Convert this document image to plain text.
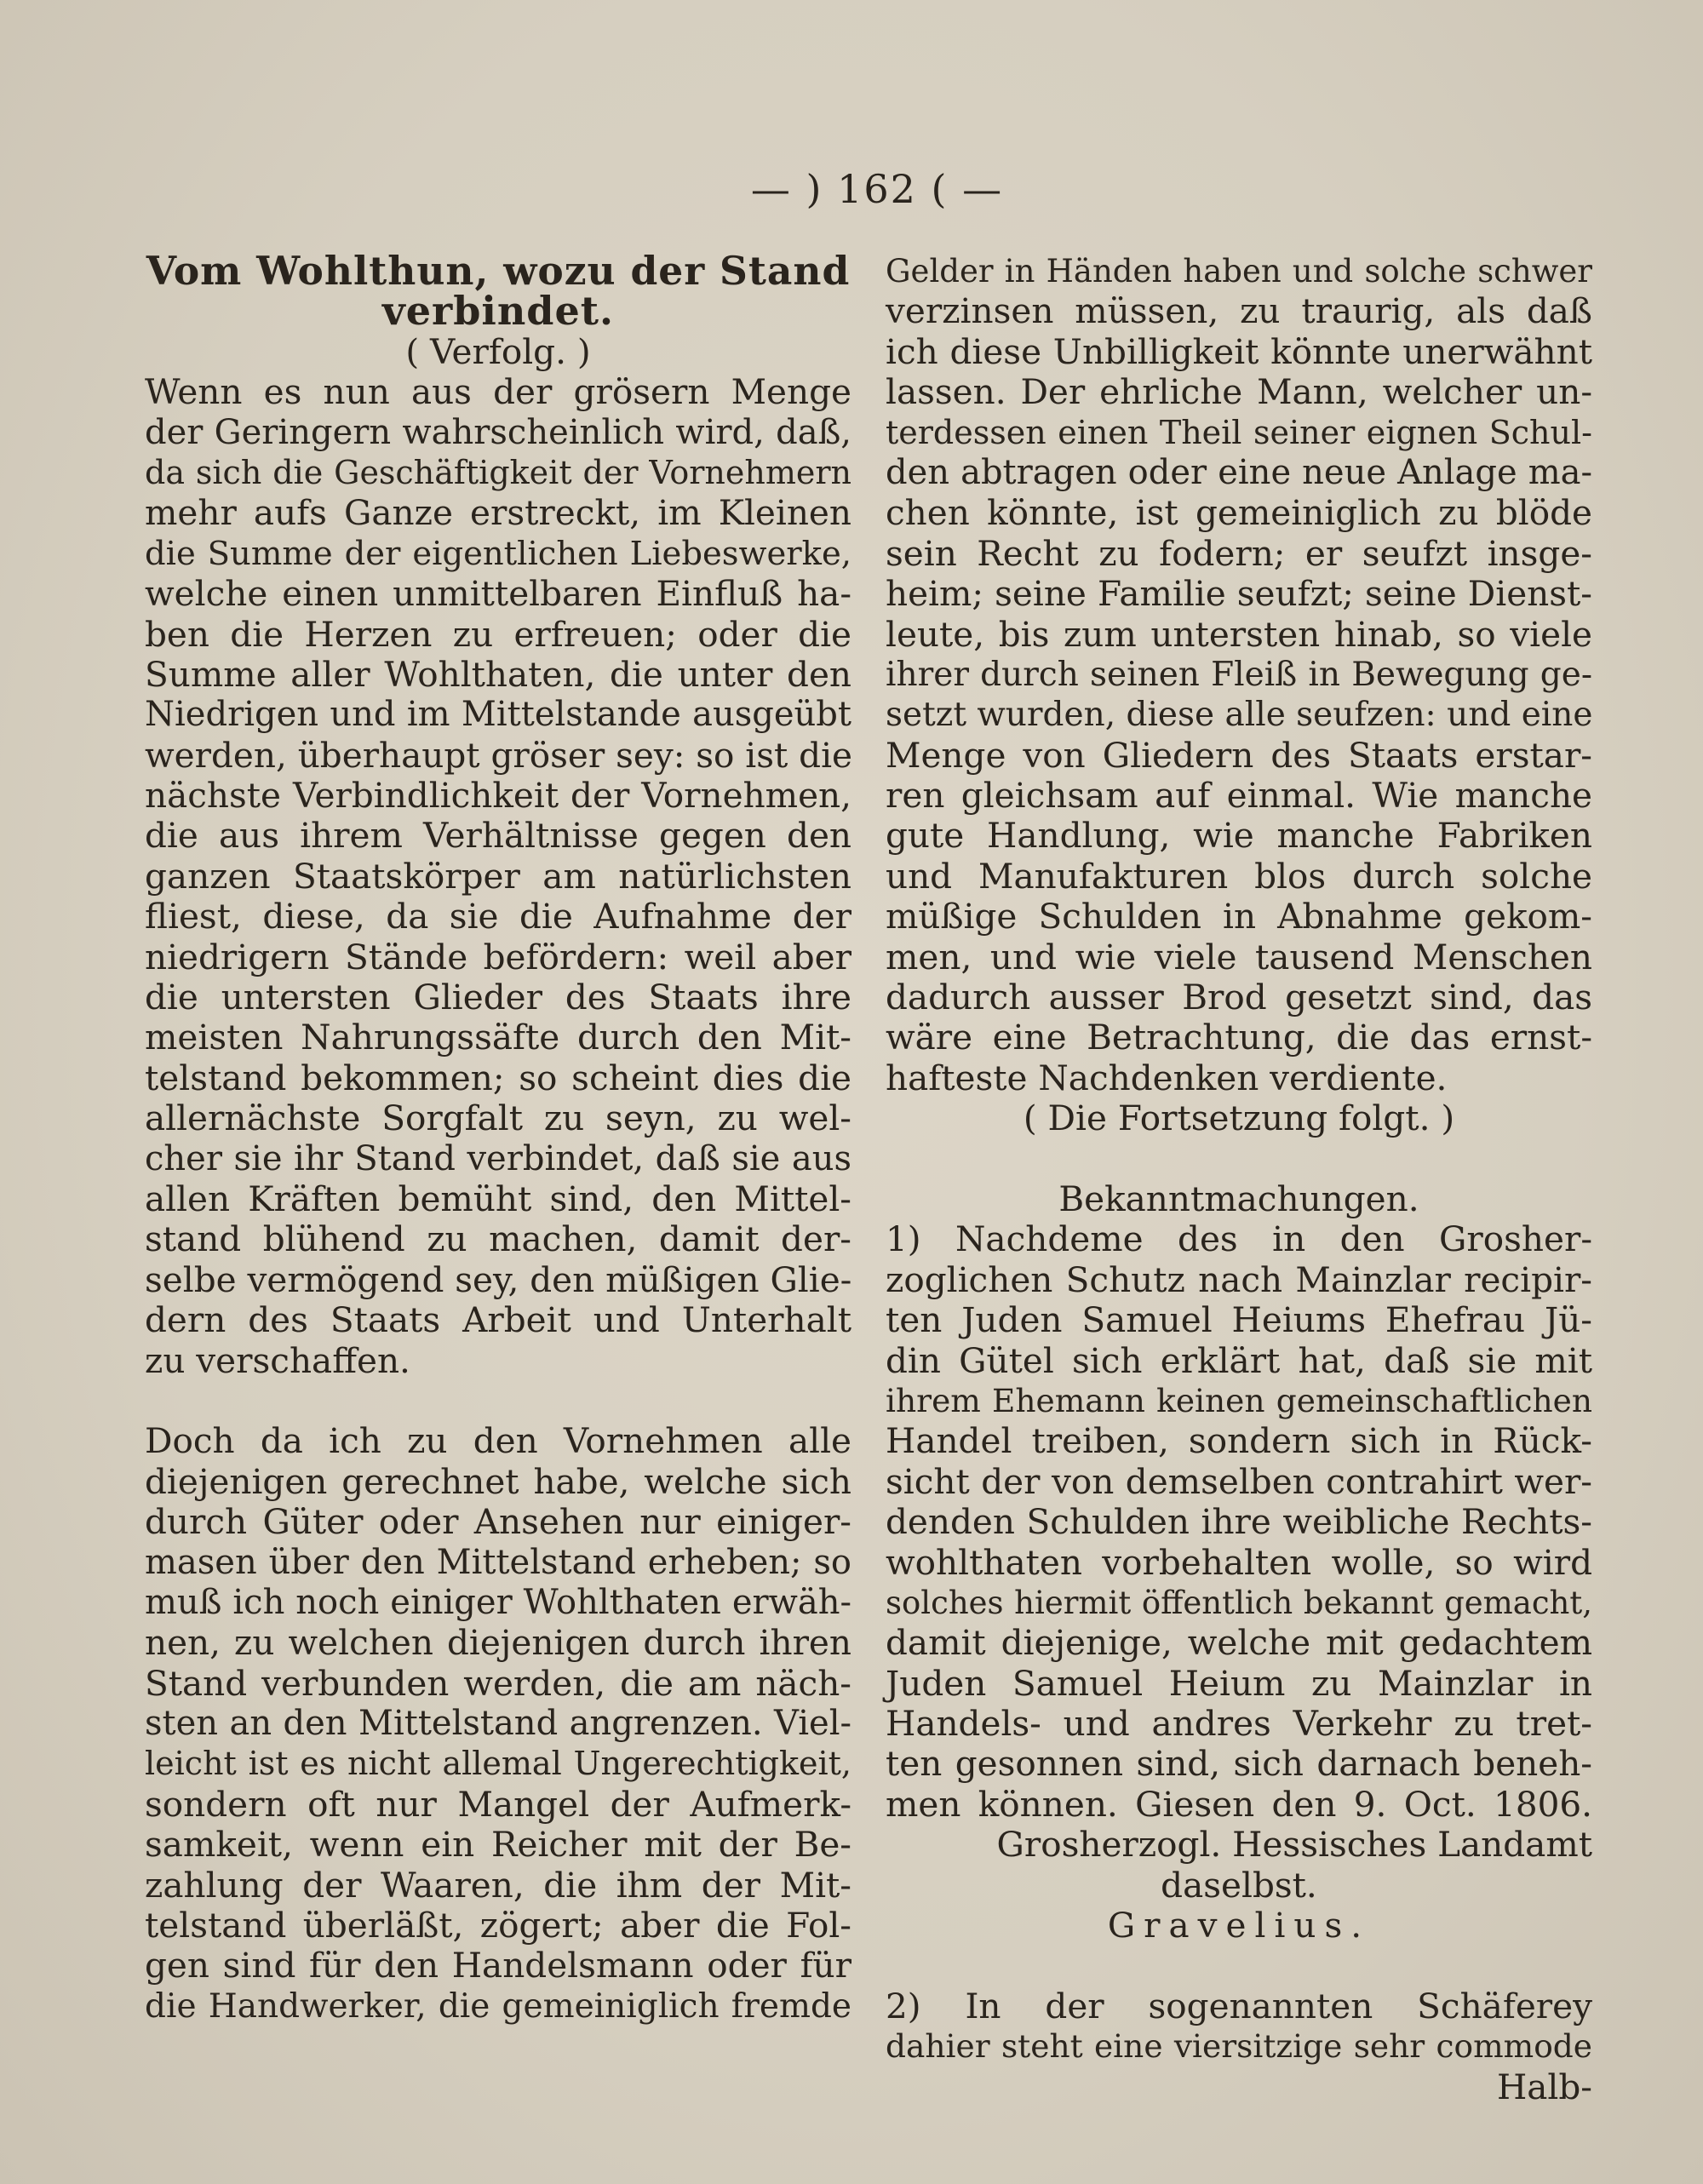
— ) 162 ( —
Vom Wohlthun, wozu der Stand
verbindet.
( Verfolg. )
Wenn es nun aus der grösern Menge
der Geringern wahrscheinlich wird, daß,
da sich die Geschäftigkeit der Vornehmern
mehr aufs Ganze erstreckt, im Kleinen
die Summe der eigentlichen Liebeswerke,
welche einen unmittelbaren Einfluß ha-
ben die Herzen zu erfreuen; oder die
Summe aller Wohlthaten, die unter den
Niedrigen und im Mittelstande ausgeübt
werden, überhaupt gröser sey: so ist die
nächste Verbindlichkeit der Vornehmen,
die aus ihrem Verhältnisse gegen den
ganzen Staatskörper am natürlichsten
fliest, diese, da sie die Aufnahme der
niedrigern Stände befördern: weil aber
die untersten Glieder des Staats ihre
meisten Nahrungssäfte durch den Mit-
telstand bekommen; so scheint dies die
allernächste Sorgfalt zu seyn, zu wel-
cher sie ihr Stand verbindet, daß sie aus
allen Kräften bemüht sind, den Mittel-
stand blühend zu machen, damit der-
selbe vermögend sey, den müßigen Glie-
dern des Staats Arbeit und Unterhalt
zu verschaffen.
Doch da ich zu den Vornehmen alle
diejenigen gerechnet habe, welche sich
durch Güter oder Ansehen nur einiger-
masen über den Mittelstand erheben; so
muß ich noch einiger Wohlthaten erwäh-
nen, zu welchen diejenigen durch ihren
Stand verbunden werden, die am näch-
sten an den Mittelstand angrenzen. Viel-
leicht ist es nicht allemal Ungerechtigkeit,
sondern oft nur Mangel der Aufmerk-
samkeit, wenn ein Reicher mit der Be-
zahlung der Waaren, die ihm der Mit-
telstand überläßt, zögert; aber die Fol-
gen sind für den Handelsmann oder für
die Handwerker, die gemeiniglich fremde
Gelder in Händen haben und solche schwer
verzinsen müssen, zu traurig, als daß
ich diese Unbilligkeit könnte unerwähnt
lassen. Der ehrliche Mann, welcher un-
terdessen einen Theil seiner eignen Schul-
den abtragen oder eine neue Anlage ma-
chen könnte, ist gemeiniglich zu blöde
sein Recht zu fodern; er seufzt insge-
heim; seine Familie seufzt; seine Dienst-
leute, bis zum untersten hinab, so viele
ihrer durch seinen Fleiß in Bewegung ge-
setzt wurden, diese alle seufzen: und eine
Menge von Gliedern des Staats erstar-
ren gleichsam auf einmal. Wie manche
gute Handlung, wie manche Fabriken
und Manufakturen blos durch solche
müßige Schulden in Abnahme gekom-
men, und wie viele tausend Menschen
dadurch ausser Brod gesetzt sind, das
wäre eine Betrachtung, die das ernst-
hafteste Nachdenken verdiente.
( Die Fortsetzung folgt. )
Bekanntmachungen.
1) Nachdeme des in den Grosher-
zoglichen Schutz nach Mainzlar recipir-
ten Juden Samuel Heiums Ehefrau Jü-
din Gütel sich erklärt hat, daß sie mit
ihrem Ehemann keinen gemeinschaftlichen
Handel treiben, sondern sich in Rück-
sicht der von demselben contrahirt wer-
denden Schulden ihre weibliche Rechts-
wohlthaten vorbehalten wolle, so wird
solches hiermit öffentlich bekannt gemacht,
damit diejenige, welche mit gedachtem
Juden Samuel Heium zu Mainzlar in
Handels- und andres Verkehr zu tret-
ten gesonnen sind, sich darnach beneh-
men können. Giesen den 9. Oct. 1806.
Grosherzogl. Hessisches Landamt
daselbst.
Gravelius.
2) In der sogenannten Schäferey
dahier steht eine viersitzige sehr commode
Halb-
